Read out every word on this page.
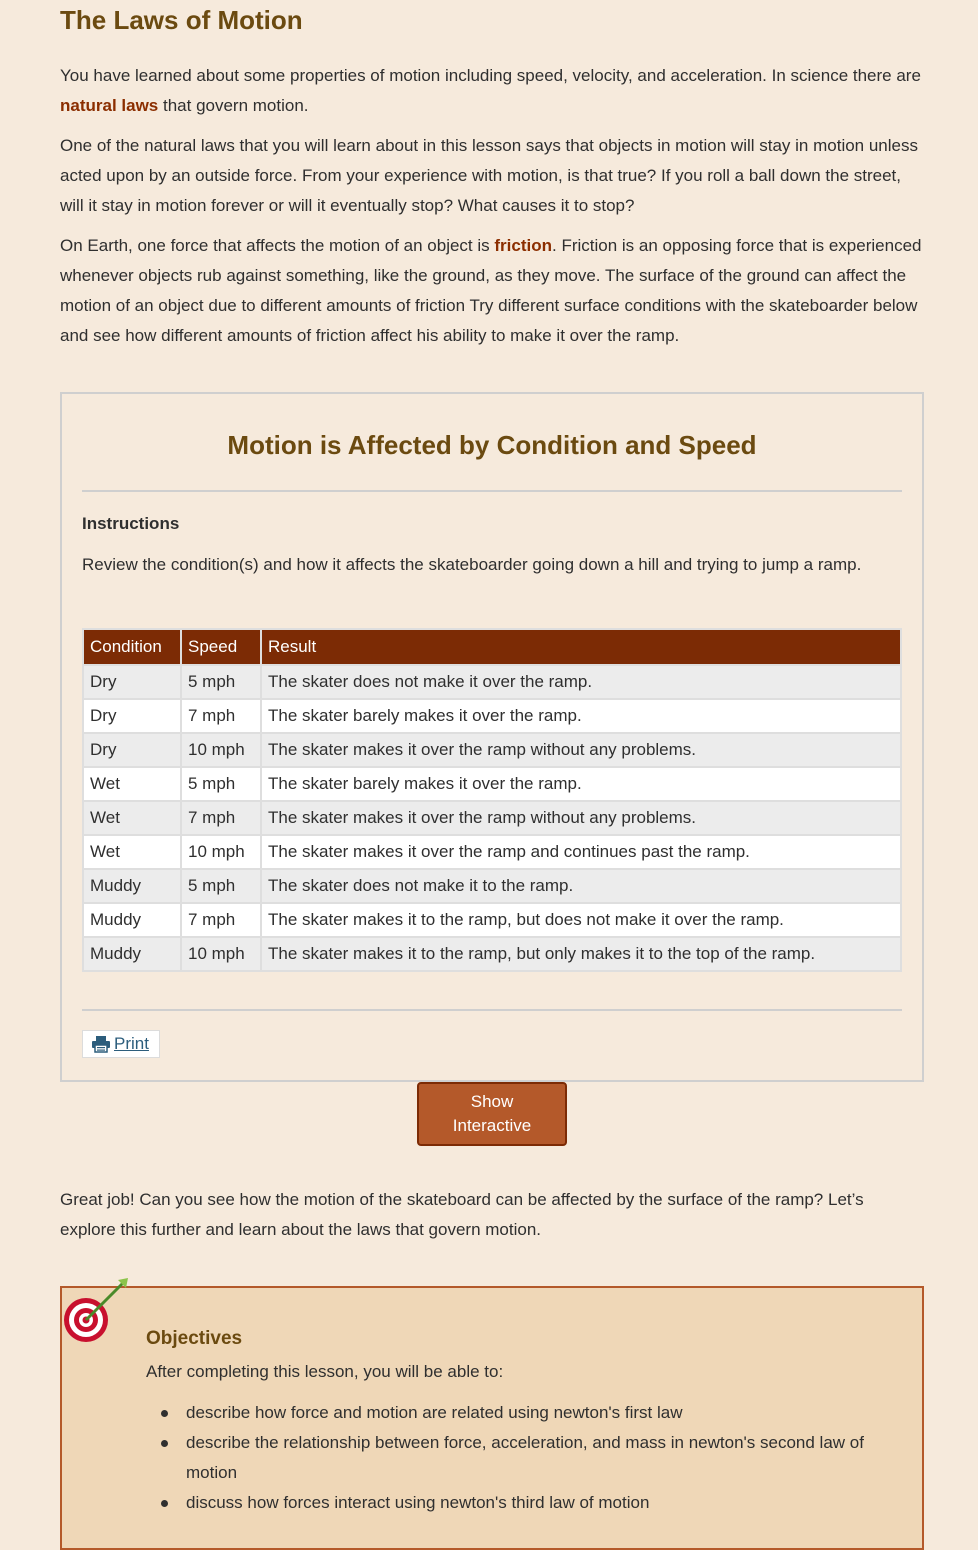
The Laws of Motion

You have learned about some properties of motion including speed, velocity, and acceleration. In science there are natural laws that govern motion.

One of the natural laws that you will learn about in this lesson says that objects in motion will stay in motion unless acted upon by an outside force. From your experience with motion, is that true? If you roll a ball down the street, will it stay in motion forever or will it eventually stop? What causes it to stop?

On Earth, one force that affects the motion of an object is friction. Friction is an opposing force that is experienced whenever objects rub against something, like the ground, as they move. The surface of the ground can affect the motion of an object due to different amounts of friction Try different surface conditions with the skateboarder below and see how different amounts of friction affect his ability to make it over the ramp.

Motion is Affected by Condition and Speed
Instructions

Review the condition(s) and how it affects the skateboarder going down a hill and trying to jump a ramp.

Condition	Speed	Result
Dry	5 mph	The skater does not make it over the ramp.
Dry	7 mph	The skater barely makes it over the ramp.
Dry	10 mph	The skater makes it over the ramp without any problems.
Wet	5 mph	The skater barely makes it over the ramp.
Wet	7 mph	The skater makes it over the ramp without any problems.
Wet	10 mph	The skater makes it over the ramp and continues past the ramp.
Muddy	5 mph	The skater does not make it to the ramp.
Muddy	7 mph	The skater makes it to the ramp, but does not make it over the ramp.
Muddy	10 mph	The skater makes it to the ramp, but only makes it to the top of the ramp.
Print
Show Interactive

Great job! Can you see how the motion of the skateboard can be affected by the surface of the ramp? Let’s explore this further and learn about the laws that govern motion.

Objectives

After completing this lesson, you will be able to:

describe how force and motion are related using newton's first law
describe the relationship between force, acceleration, and mass in newton's second law of motion
discuss how forces interact using newton's third law of motion
